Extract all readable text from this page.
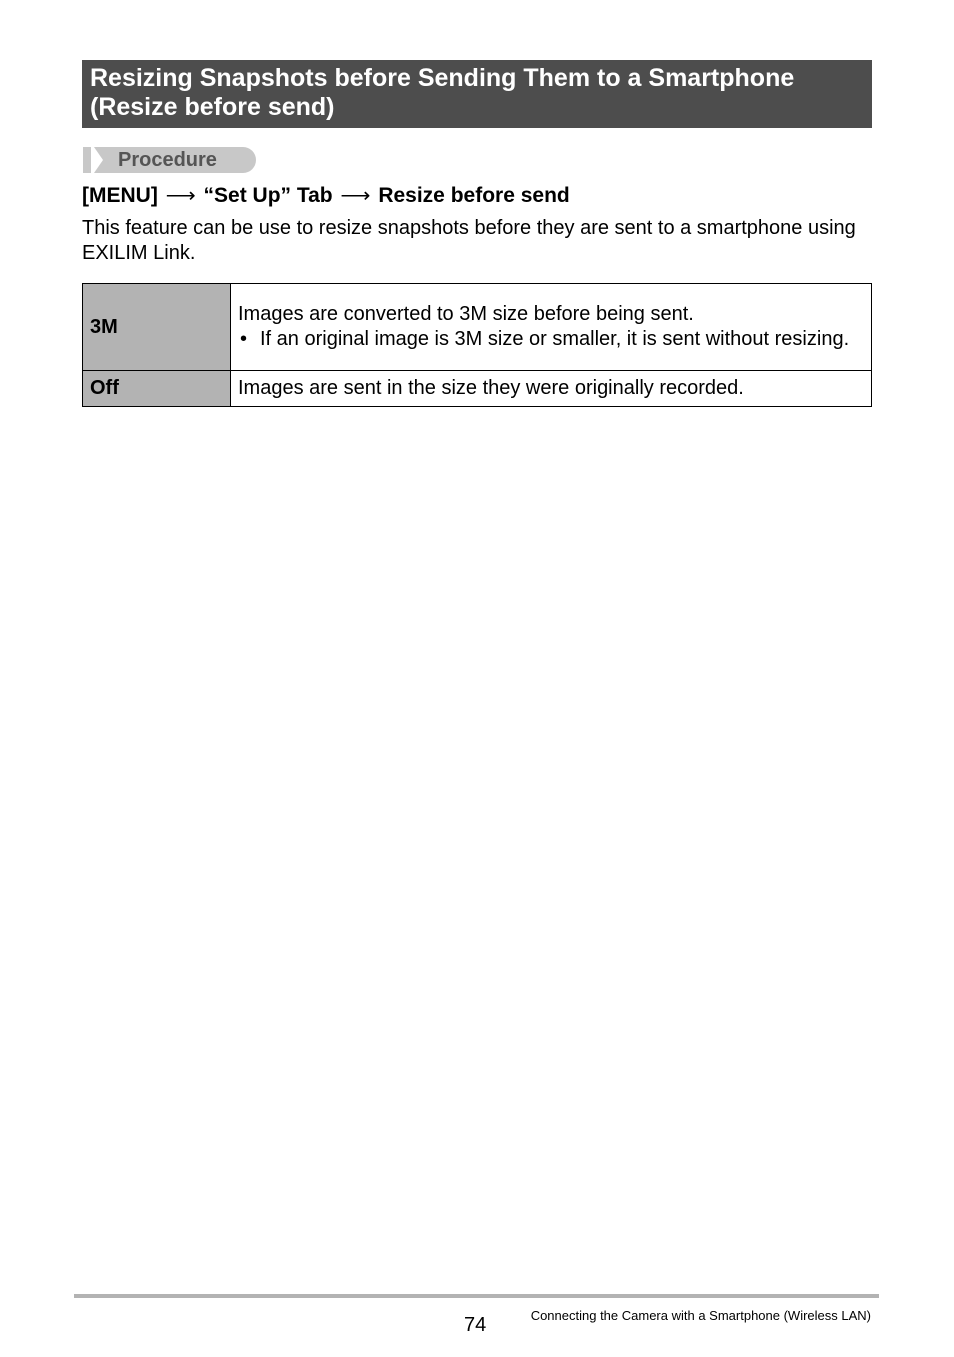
Resizing Snapshots before Sending Them to a Smartphone (Resize before send)
Procedure
[MENU] ⟶ “Set Up” Tab ⟶ Resize before send
This feature can be use to resize snapshots before they are sent to a smartphone using EXILIM Link.
3M	Images are converted to 3M size before being sent.
• If an original image is 3M size or smaller, it is sent without resizing.

Off	Images are sent in the size they were originally recorded.
74	Connecting the Camera with a Smartphone (Wireless LAN)
